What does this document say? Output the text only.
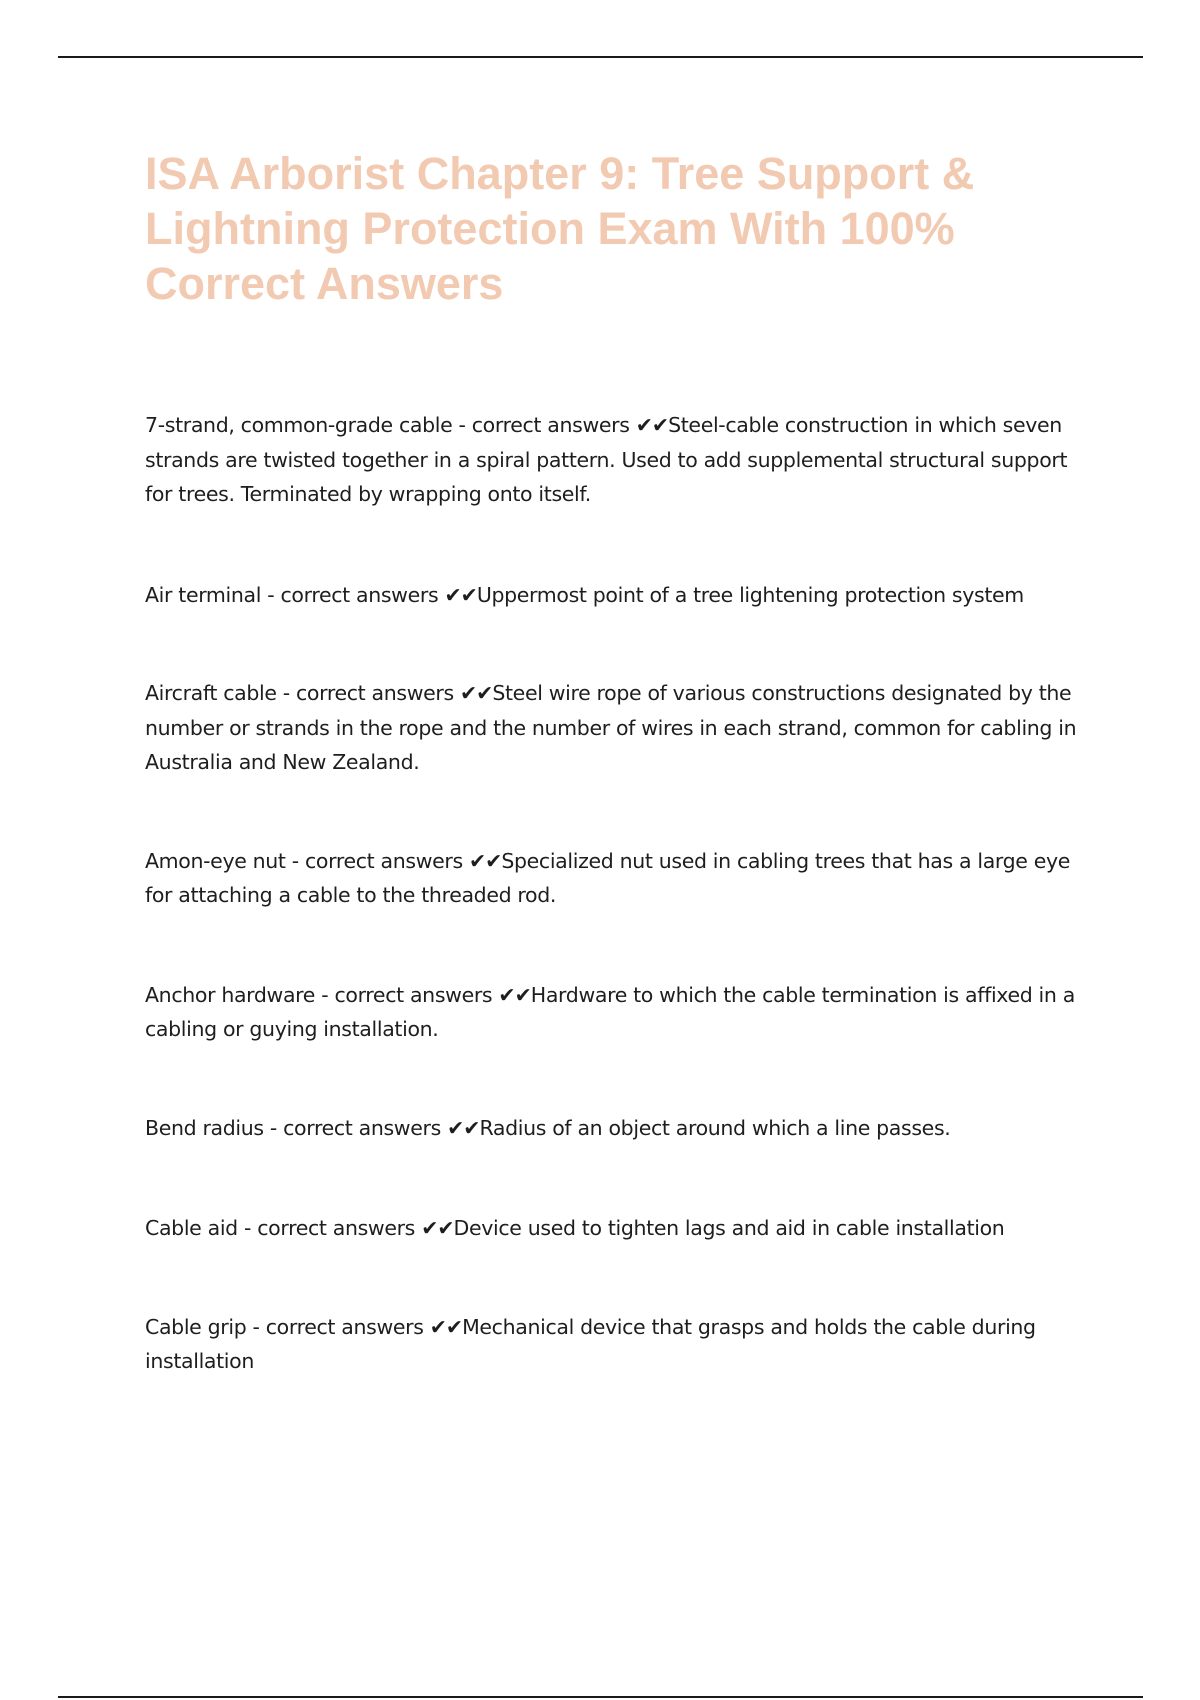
ISA Arborist Chapter 9: Tree Support & Lightning Protection Exam With 100% Correct Answers

7-strand, common-grade cable - correct answers ✔✔Steel-cable construction in which seven strands are twisted together in a spiral pattern. Used to add supplemental structural support for trees. Terminated by wrapping onto itself.

Air terminal - correct answers ✔✔Uppermost point of a tree lightening protection system

Aircraft cable - correct answers ✔✔Steel wire rope of various constructions designated by the number or strands in the rope and the number of wires in each strand, common for cabling in Australia and New Zealand.

Amon-eye nut - correct answers ✔✔Specialized nut used in cabling trees that has a large eye for attaching a cable to the threaded rod.

Anchor hardware - correct answers ✔✔Hardware to which the cable termination is affixed in a cabling or guying installation.

Bend radius - correct answers ✔✔Radius of an object around which a line passes.

Cable aid - correct answers ✔✔Device used to tighten lags and aid in cable installation

Cable grip - correct answers ✔✔Mechanical device that grasps and holds the cable during installation
